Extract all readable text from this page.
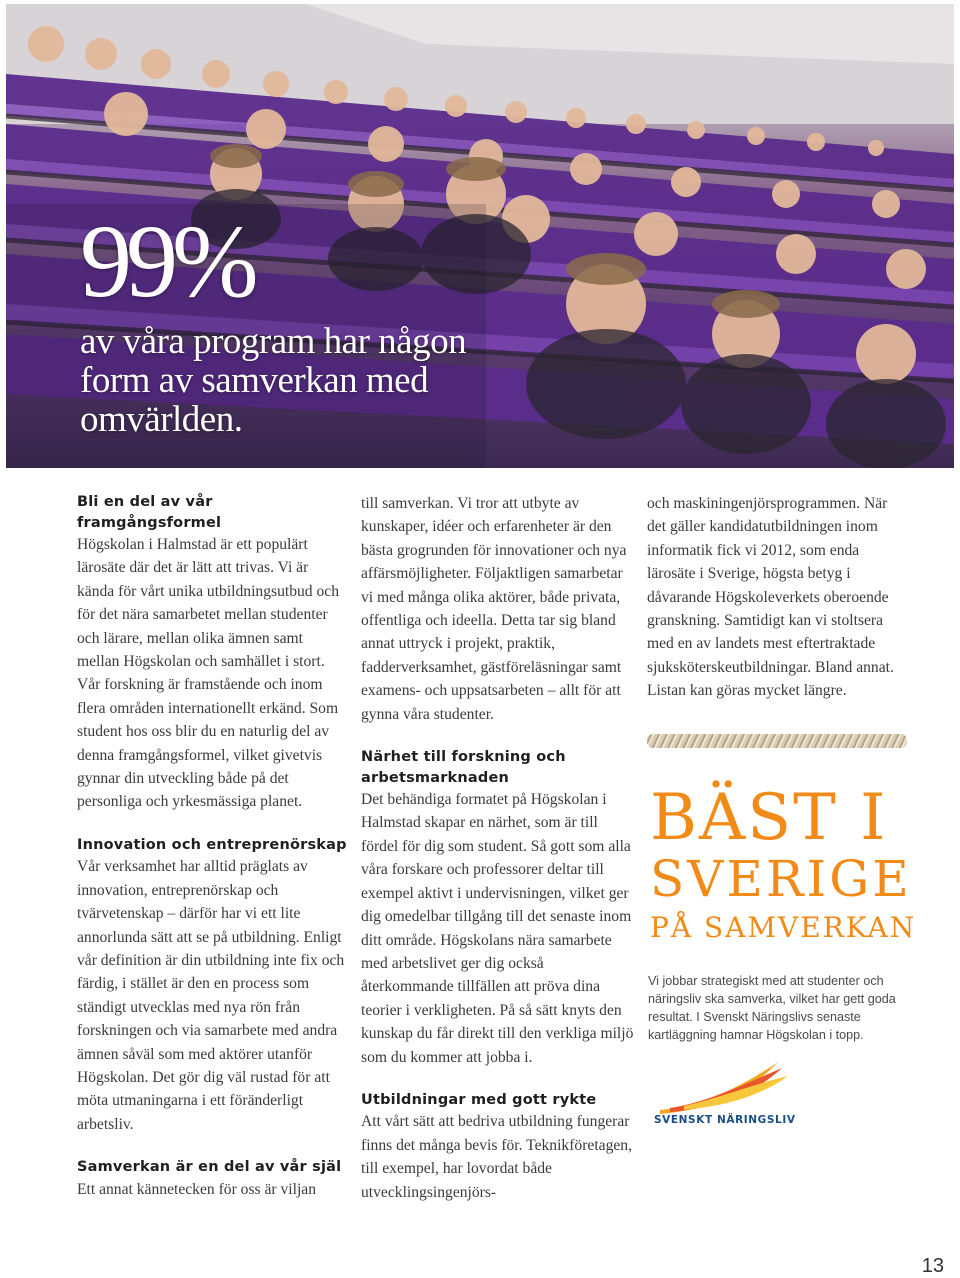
99%
av våra program har någon form av samverkan med omvärlden.
Bli en del av vår framgångsformel

Högskolan i Halmstad är ett populärt lärosäte där det är lätt att trivas. Vi är kända för vårt unika utbildningsutbud och för det nära samarbetet mellan studenter och lärare, mellan olika ämnen samt mellan Högskolan och samhället i stort. Vår forskning är framstående och inom flera områden internationellt erkänd. Som student hos oss blir du en naturlig del av denna framgångsformel, vilket givetvis gynnar din utveckling både på det personliga och yrkesmässiga planet.

Innovation och entreprenörskap

Vår verksamhet har alltid präglats av innovation, entreprenörskap och tvärvetenskap – därför har vi ett lite annorlunda sätt att se på utbildning. Enligt vår definition är din utbildning inte fix och färdig, i stället är den en process som ständigt utvecklas med nya rön från forskningen och via samarbete med andra ämnen såväl som med aktörer utanför Högskolan. Det gör dig väl rustad för att möta utmaningarna i ett föränderligt arbetsliv.

Samverkan är en del av vår själ

Ett annat kännetecken för oss är viljan

till samverkan. Vi tror att utbyte av kunskaper, idéer och erfarenheter är den bästa grogrunden för innovationer och nya affärsmöjligheter. Följaktligen samarbetar vi med många olika aktörer, både privata, offentliga och ideella. Detta tar sig bland annat uttryck i projekt, praktik, fadderverksamhet, gästföreläsningar samt examens- och uppsatsarbeten – allt för att gynna våra studenter.

Närhet till forskning och arbetsmarknaden

Det behändiga formatet på Högskolan i Halmstad skapar en närhet, som är till fördel för dig som student. Så gott som alla våra forskare och professorer deltar till exempel aktivt i undervisningen, vilket ger dig omedelbar tillgång till det senaste inom ditt område. Högskolans nära samarbete med arbetslivet ger dig också återkommande tillfällen att pröva dina teorier i verkligheten. På så sätt knyts den kunskap du får direkt till den verkliga miljö som du kommer att jobba i.

Utbildningar med gott rykte

Att vårt sätt att bedriva utbildning fungerar finns det många bevis för. Teknikföretagen, till exempel, har lovordat både utvecklingsingenjörs-

och maskiningenjörsprogrammen. När det gäller kandidatutbildningen inom informatik fick vi 2012, som enda lärosäte i Sverige, högsta betyg i dåvarande Högskoleverkets oberoende granskning. Samtidigt kan vi stoltsera med en av landets mest eftertraktade sjuksköterskeutbildningar. Bland annat. Listan kan göras mycket längre.

BÄST I
SVERIGE
PÅ SAMVERKAN
Vi jobbar strategiskt med att studenter och näringsliv ska samverka, vilket har gett goda resultat. I Svenskt Näringslivs senaste kartläggning hamnar Högskolan i topp.
SVENSKT NÄRINGSLIV
13
